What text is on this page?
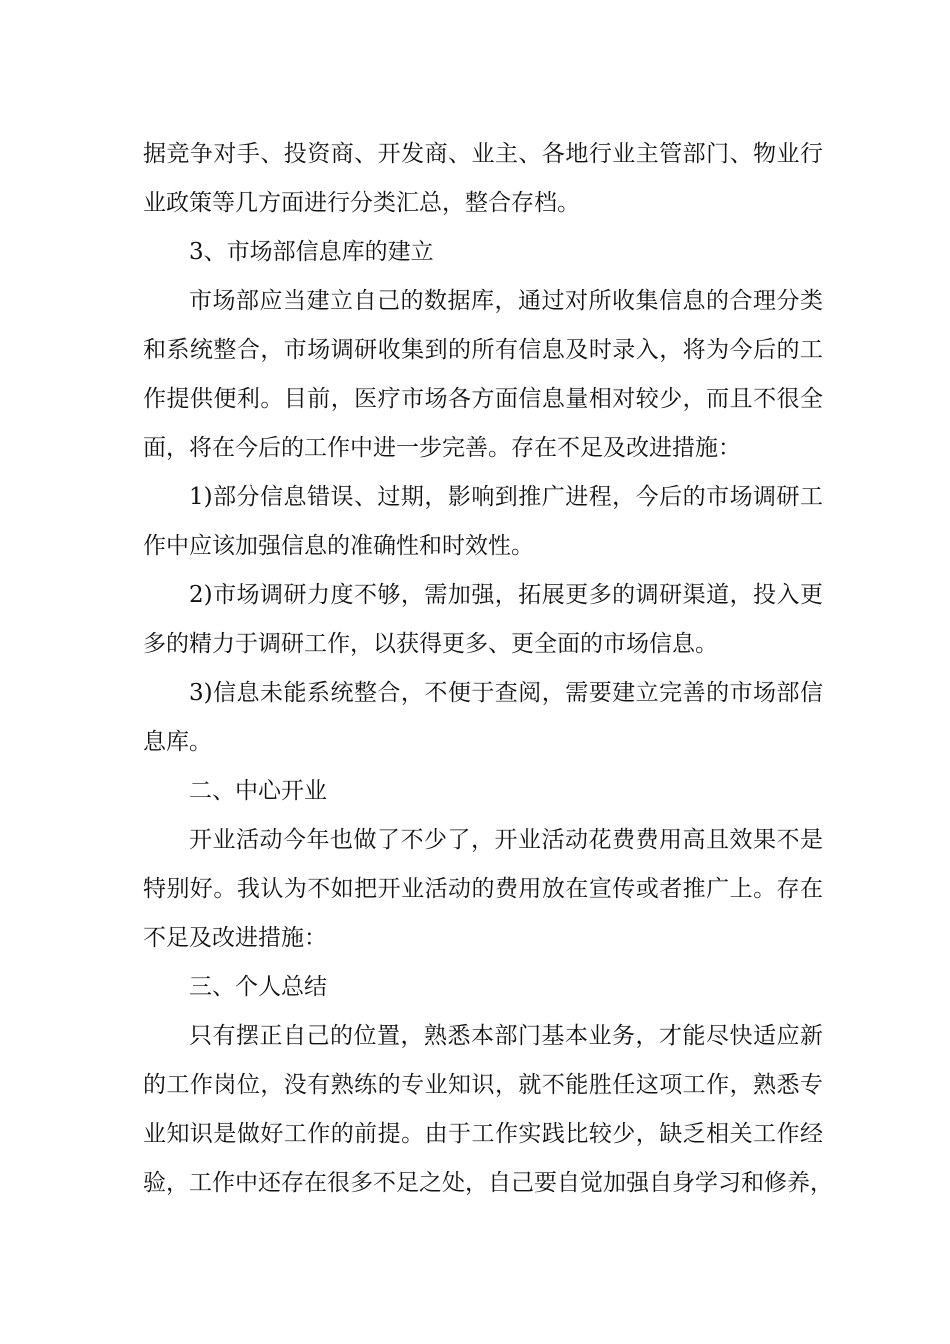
据竞争对手、投资商、开发商、业主、各地行业主管部门、物业行
业政策等几方面进行分类汇总，整合存档。
3、市场部信息库的建立
市场部应当建立自己的数据库，通过对所收集信息的合理分类
和系统整合，市场调研收集到的所有信息及时录入，将为今后的工
作提供便利。目前，医疗市场各方面信息量相对较少，而且不很全
面，将在今后的工作中进一步完善。存在不足及改进措施：
1)部分信息错误、过期，影响到推广进程，今后的市场调研工
作中应该加强信息的准确性和时效性。
2)市场调研力度不够，需加强，拓展更多的调研渠道，投入更
多的精力于调研工作，以获得更多、更全面的市场信息。
3)信息未能系统整合，不便于查阅，需要建立完善的市场部信
息库。
二、中心开业
开业活动今年也做了不少了，开业活动花费费用高且效果不是
特别好。我认为不如把开业活动的费用放在宣传或者推广上。存在
不足及改进措施：
三、个人总结
只有摆正自己的位置，熟悉本部门基本业务，才能尽快适应新
的工作岗位，没有熟练的专业知识，就不能胜任这项工作，熟悉专
业知识是做好工作的前提。由于工作实践比较少，缺乏相关工作经
验，工作中还存在很多不足之处，自己要自觉加强自身学习和修养，
